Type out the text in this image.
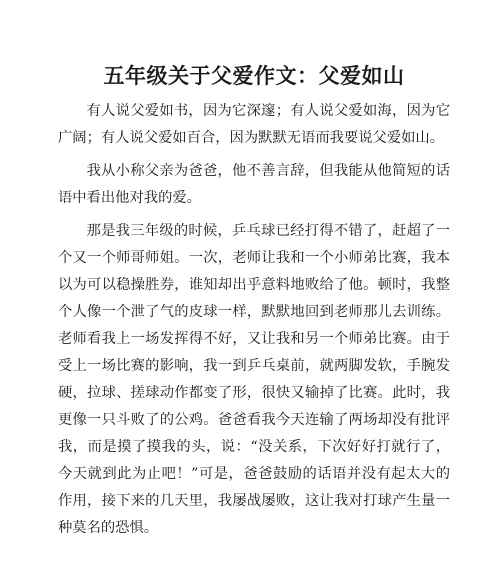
五年级关于父爱作文：父爱如山

有人说父爱如书，因为它深邃；有人说父爱如海，因为它广阔；有人说父爱如百合，因为默默无语而我要说父爱如山。

我从小称父亲为爸爸，他不善言辞，但我能从他简短的话语中看出他对我的爱。

那是我三年级的时候，乒乓球已经打得不错了，赶超了一个又一个师哥师姐。一次，老师让我和一个小师弟比赛，我本以为可以稳操胜券，谁知却出乎意料地败给了他。顿时，我整个人像一个泄了气的皮球一样，默默地回到老师那儿去训练。老师看我上一场发挥得不好，又让我和另一个师弟比赛。由于受上一场比赛的影响，我一到乒乓桌前，就两脚发软，手腕发硬，拉球、搓球动作都变了形，很快又输掉了比赛。此时，我更像一只斗败了的公鸡。爸爸看我今天连输了两场却没有批评我，而是摸了摸我的头，说：“没关系，下次好好打就行了，今天就到此为止吧！”可是，爸爸鼓励的话语并没有起太大的作用，接下来的几天里，我屡战屡败，这让我对打球产生量一种莫名的恐惧。
